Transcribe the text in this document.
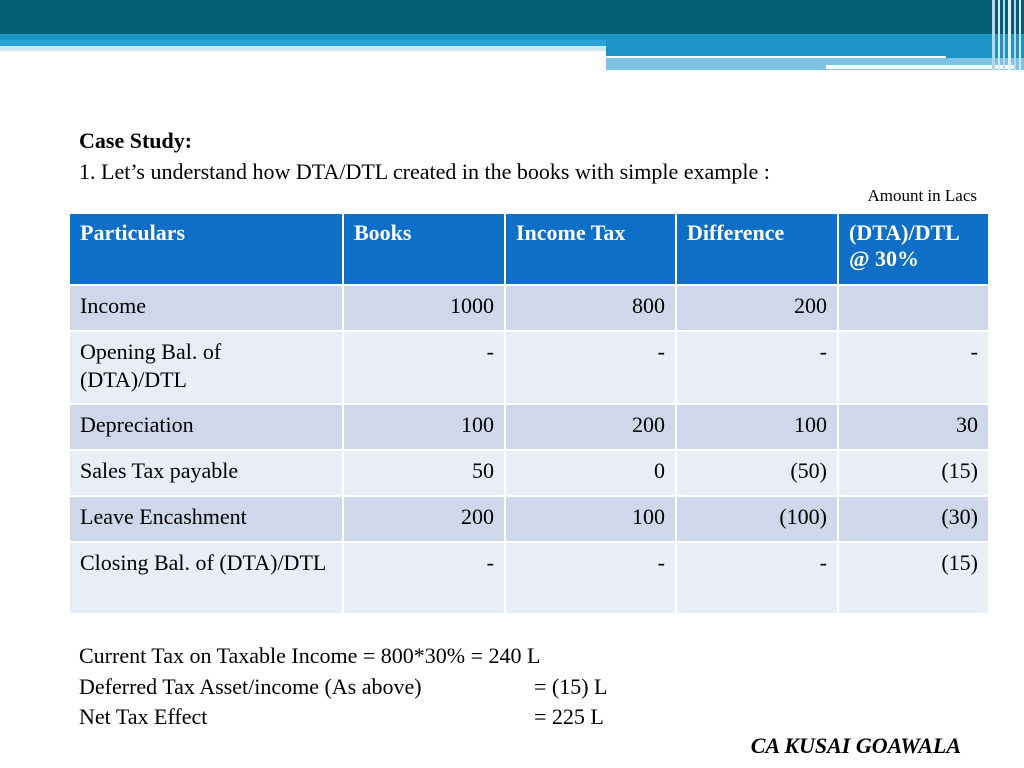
Case Study:
1. Let’s understand how DTA/DTL created in the books with simple example :
Amount in Lacs
Particulars	Books	Income Tax	Difference	(DTA)/DTL @ 30%
Income	1000	800	200	
Opening Bal. of (DTA)/DTL	-	-	-	-
Depreciation	100	200	100	30
Sales Tax payable	50	0	(50)	(15)
Leave Encashment	200	100	(100)	(30)
Closing Bal. of (DTA)/DTL	-	-	-	(15)
Current Tax on Taxable Income = 800*30% = 240 L
Deferred Tax Asset/income (As above)	= (15) L
Net Tax Effect	= 225 L
CA KUSAI GOAWALA
